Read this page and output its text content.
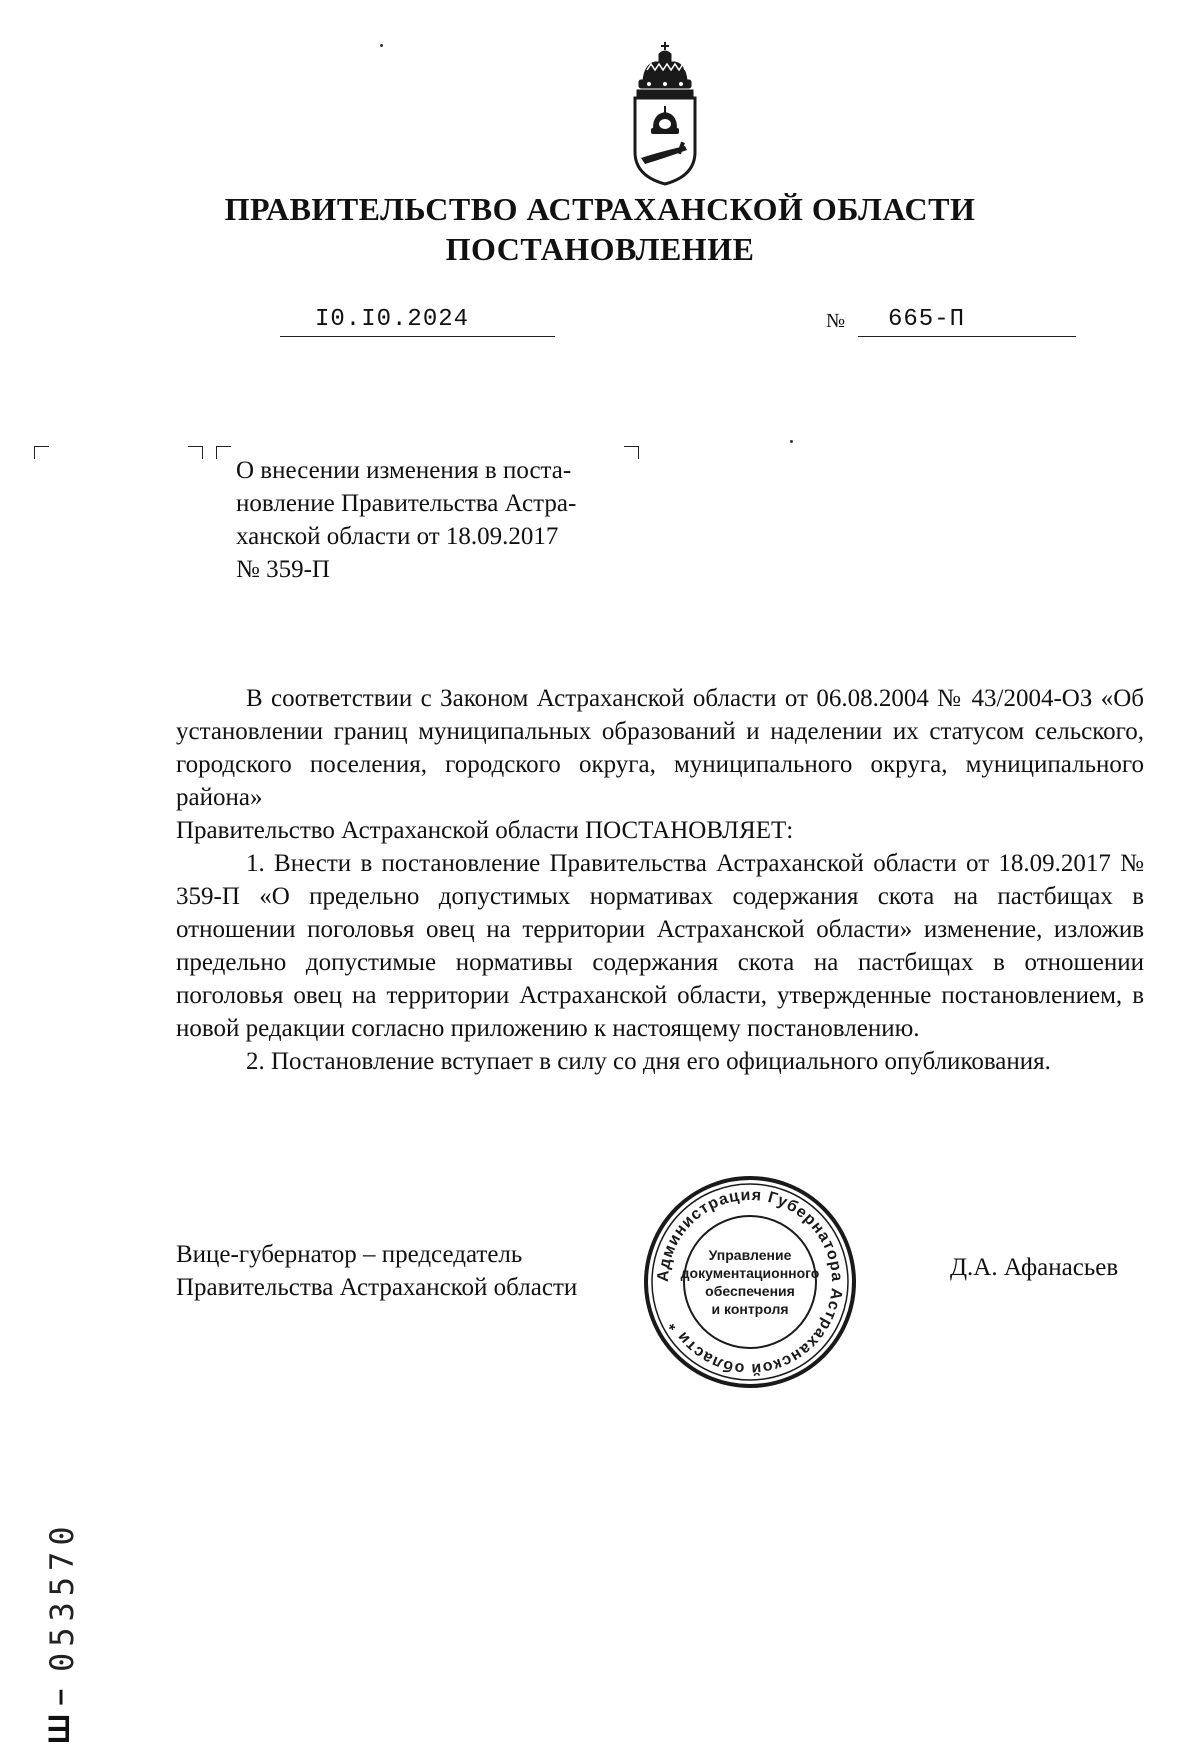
ПРАВИТЕЛЬСТВО АСТРАХАНСКОЙ ОБЛАСТИ
ПОСТАНОВЛЕНИЕ
I0.I0.2024	№ 665-П

О внесении изменения в поста-

новление Правительства Астра-

ханской области от 18.09.2017

№ 359-П

В соответствии с Законом Астраханской области от 06.08.2004 № 43/2004-ОЗ «Об установлении границ муниципальных образований и наделении их статусом сельского, городского поселения, городского округа, муниципального округа, муниципального района»

Правительство Астраханской области ПОСТАНОВЛЯЕТ:

1. Внести в постановление Правительства Астраханской области от 18.09.2017 № 359-П «О предельно допустимых нормативах содержания скота на пастбищах в отношении поголовья овец на территории Астраханской области» изменение, изложив предельно допустимые нормативы содержания скота на пастбищах в отношении поголовья овец на территории Астраханской области, утвержденные постановлением, в новой редакции согласно приложению к настоящему постановлению.

2. Постановление вступает в силу со дня его официального опубликования.

Вице-губернатор – председатель

Правительства Астраханской области

Д.А. Афанасьев
Администрация Губернатора Астраханской области *
Управление
документационного
обеспечения
и контроля
Ш –
053570
